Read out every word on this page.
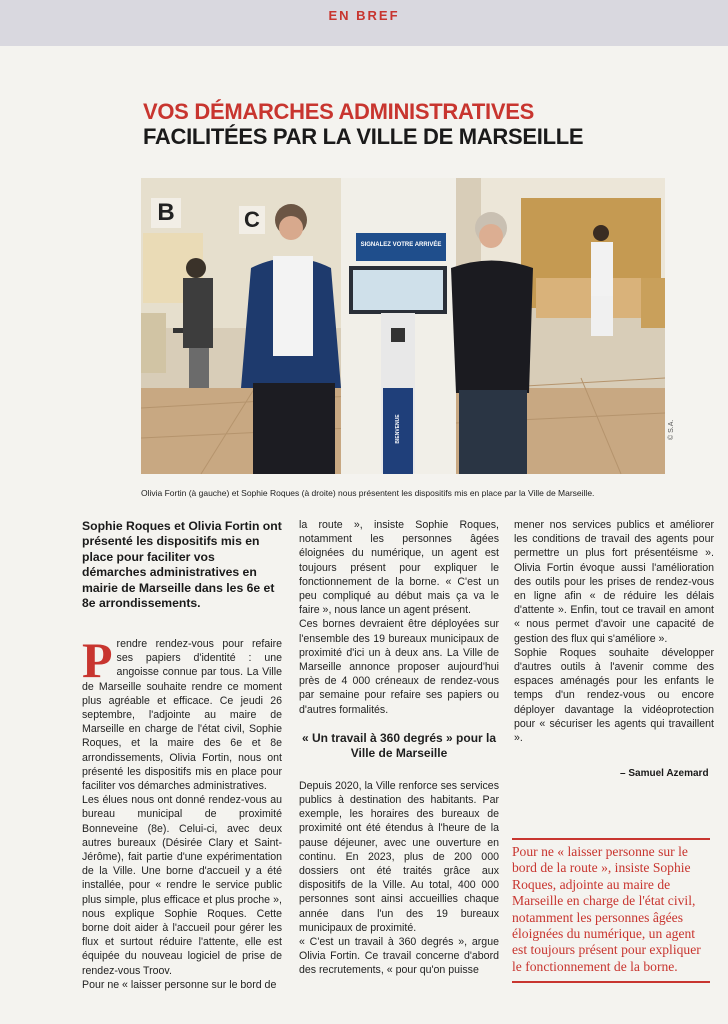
EN BREF
VOS DÉMARCHES ADMINISTRATIVES
FACILITÉES PAR LA VILLE DE MARSEILLE
B	C
SIGNALEZ VOTRE ARRIVÉE
BIENVENUE	© S.A.
Olivia Fortin (à gauche) et Sophie Roques (à droite) nous présentent les dispositifs mis en place par la Ville de Marseille.
Sophie Roques et Olivia Fortin ont présenté les dispositifs mis en place pour faciliter vos démarches administratives en mairie de Marseille dans les 6e et 8e arrondissements.

Prendre rendez-vous pour refaire ses papiers d'identité : une angoisse connue par tous. La Ville de Marseille souhaite rendre ce moment plus agréable et efficace. Ce jeudi 26 septembre, l'adjointe au maire de Marseille en charge de l'état civil, Sophie Roques, et la maire des 6e et 8e arrondissements, Olivia Fortin, nous ont présenté les dispositifs mis en place pour faciliter vos démarches administratives.

Les élues nous ont donné rendez-vous au bureau municipal de proximité Bonneveine (8e). Celui-ci, avec deux autres bureaux (Désirée Clary et Saint-Jérôme), fait partie d'une expérimentation de la Ville. Une borne d'accueil y a été installée, pour « rendre le service public plus simple, plus efficace et plus proche », nous explique Sophie Roques. Cette borne doit aider à l'accueil pour gérer les flux et surtout réduire l'attente, elle est équipée du nouveau logiciel de prise de rendez-vous Troov.

Pour ne « laisser personne sur le bord de

la route », insiste Sophie Roques, notamment les personnes âgées éloignées du numérique, un agent est toujours présent pour expliquer le fonctionnement de la borne. « C'est un peu compliqué au début mais ça va le faire », nous lance un agent présent.

Ces bornes devraient être déployées sur l'ensemble des 19 bureaux municipaux de proximité d'ici un à deux ans. La Ville de Marseille annonce proposer aujourd'hui près de 4 000 créneaux de rendez-vous par semaine pour refaire ses papiers ou d'autres formalités.

« Un travail à 360 degrés » pour la Ville de Marseille

Depuis 2020, la Ville renforce ses services publics à destination des habitants. Par exemple, les horaires des bureaux de proximité ont été étendus à l'heure de la pause déjeuner, avec une ouverture en continu. En 2023, plus de 200 000 dossiers ont été traités grâce aux dispositifs de la Ville. Au total, 400 000 personnes sont ainsi accueillies chaque année dans l'un des 19 bureaux municipaux de proximité.

« C'est un travail à 360 degrés », argue Olivia Fortin. Ce travail concerne d'abord des recrutements, « pour qu'on puisse

mener nos services publics et améliorer les conditions de travail des agents pour permettre un plus fort présentéisme ». Olivia Fortin évoque aussi l'amélioration des outils pour les prises de rendez-vous en ligne afin « de réduire les délais d'attente ». Enfin, tout ce travail en amont « nous permet d'avoir une capacité de gestion des flux qui s'améliore ».

Sophie Roques souhaite développer d'autres outils à l'avenir comme des espaces aménagés pour les enfants le temps d'un rendez-vous ou encore déployer davantage la vidéoprotection pour « sécuriser les agents qui travaillent ».

– Samuel Azemard
Pour ne « laisser personne sur le bord de la route », insiste Sophie Roques, adjointe au maire de Marseille en charge de l'état civil, notamment les personnes âgées éloignées du numérique, un agent est toujours présent pour expliquer le fonctionnement de la borne.
